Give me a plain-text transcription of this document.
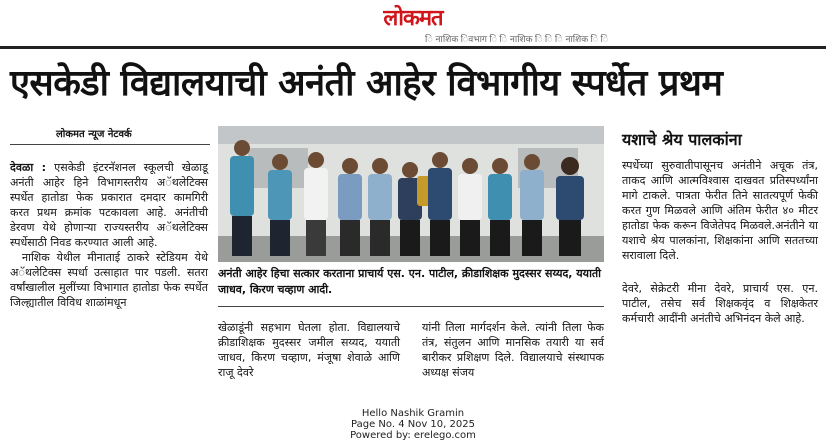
लोकमत
ि नाशिक िवभाग ि ि नाशिक ि ि ि नाशिक ि ि
एसकेडी विद्यालयाची अनंती आहेर विभागीय स्पर्धेत प्रथम
लोकमत न्यूज नेटवर्क

देवळा : एसकेडी इंटरनॅशनल स्कूलची खेळाडू अनंती आहेर हिने विभागस्तरीय अॅथलेटिक्स स्पर्धेत हातोडा फेक प्रकारात दमदार कामगिरी करत प्रथम क्रमांक पटकावला आहे. अनंतीची डेरवण येथे होणाऱ्या राज्यस्तरीय अॅथलेटिक्स स्पर्धेसाठी निवड करण्यात आली आहे.

नाशिक येथील मीनाताई ठाकरे स्टेडियम येथे अॅथलेटिक्स स्पर्धा उत्साहात पार पडली. सतरा वर्षांखालील मुलींच्या विभागात हातोडा फेक स्पर्धेत जिल्ह्यातील विविध शाळांमधून

अनंती आहेर हिचा सत्कार करताना प्राचार्य एस. एन. पाटील, क्रीडाशिक्षक मुदस्सर सय्यद, ययाती जाधव, किरण चव्हाण आदी.
खेळाडूंनी सहभाग घेतला होता. विद्यालयाचे क्रीडाशिक्षक मुदस्सर जमील सय्यद, ययाती जाधव, किरण चव्हाण, मंजूषा शेवाळे आणि राजू देवरे
यांनी तिला मार्गदर्शन केले. त्यांनी तिला फेक तंत्र, संतुलन आणि मानसिक तयारी या सर्व बारीकर प्रशिक्षण दिले. विद्यालयाचे संस्थापक अध्यक्ष संजय
यशाचे श्रेय पालकांना

स्पर्धेच्या सुरुवातीपासूनच अनंतीने अचूक तंत्र, ताकद आणि आत्मविश्वास दाखवत प्रतिस्पर्ध्यांना मागे टाकले. पात्रता फेरीत तिने सातत्यपूर्ण फेकी करत गुण मिळवले आणि अंतिम फेरीत ४० मीटर हातोडा फेक करून विजेतेपद मिळवले.अनंतीने या यशाचे श्रेय पालकांना, शिक्षकांना आणि सततच्या सरावाला दिले.

देवरे, सेक्रेटरी मीना देवरे, प्राचार्य एस. एन. पाटील, तसेच सर्व शिक्षकवृंद व शिक्षकेतर कर्मचारी आदींनी अनंतीचे अभिनंदन केले आहे.

Hello Nashik Gramin
Page No. 4 Nov 10, 2025
Powered by: erelego.com
